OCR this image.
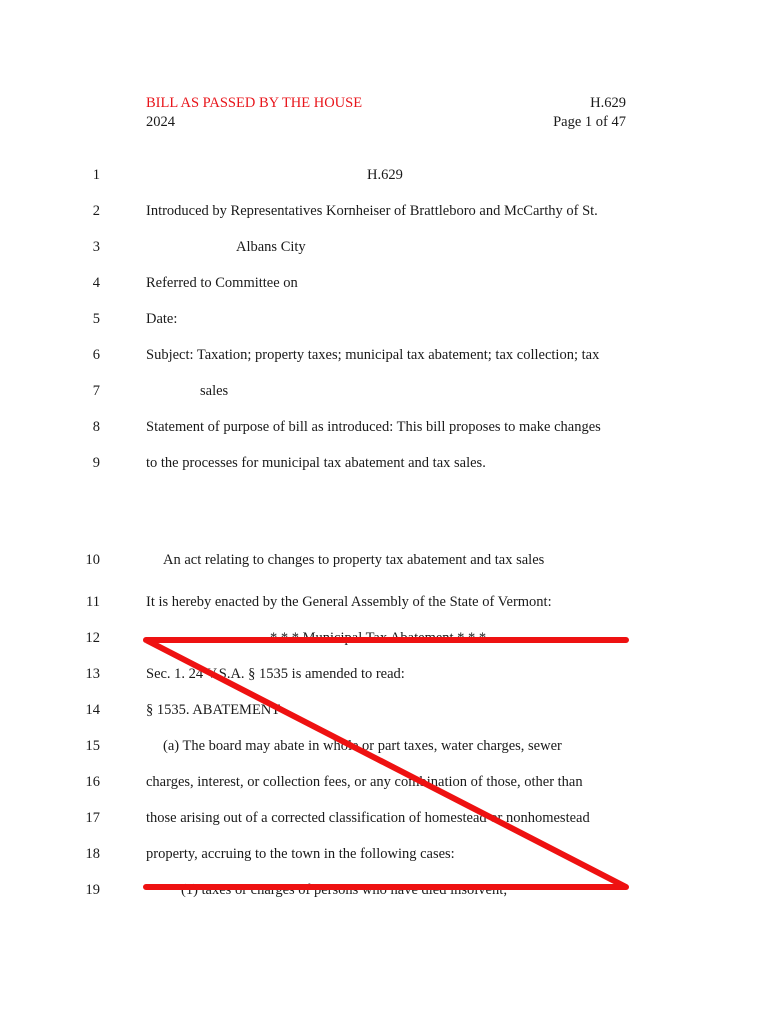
BILL AS PASSED BY THE HOUSE
2024
H.629
Page 1 of 47
1	H.629
2	Introduced by Representatives Kornheiser of Brattleboro and McCarthy of St.
3	Albans City
4	Referred to Committee on
5	Date:
6	Subject: Taxation; property taxes; municipal tax abatement; tax collection; tax
7	sales
8	Statement of purpose of bill as introduced: This bill proposes to make changes
9	to the processes for municipal tax abatement and tax sales.
10	An act relating to changes to property tax abatement and tax sales
11	It is hereby enacted by the General Assembly of the State of Vermont:
12	* * * Municipal Tax Abatement * * *
13	Sec. 1. 24 V.S.A. § 1535 is amended to read:
14	§ 1535. ABATEMENT
15	(a) The board may abate in whole or part taxes, water charges, sewer
16	charges, interest, or collection fees, or any combination of those, other than
17	those arising out of a corrected classification of homestead or nonhomestead
18	property, accruing to the town in the following cases:
19	(1) taxes or charges of persons who have died insolvent;
